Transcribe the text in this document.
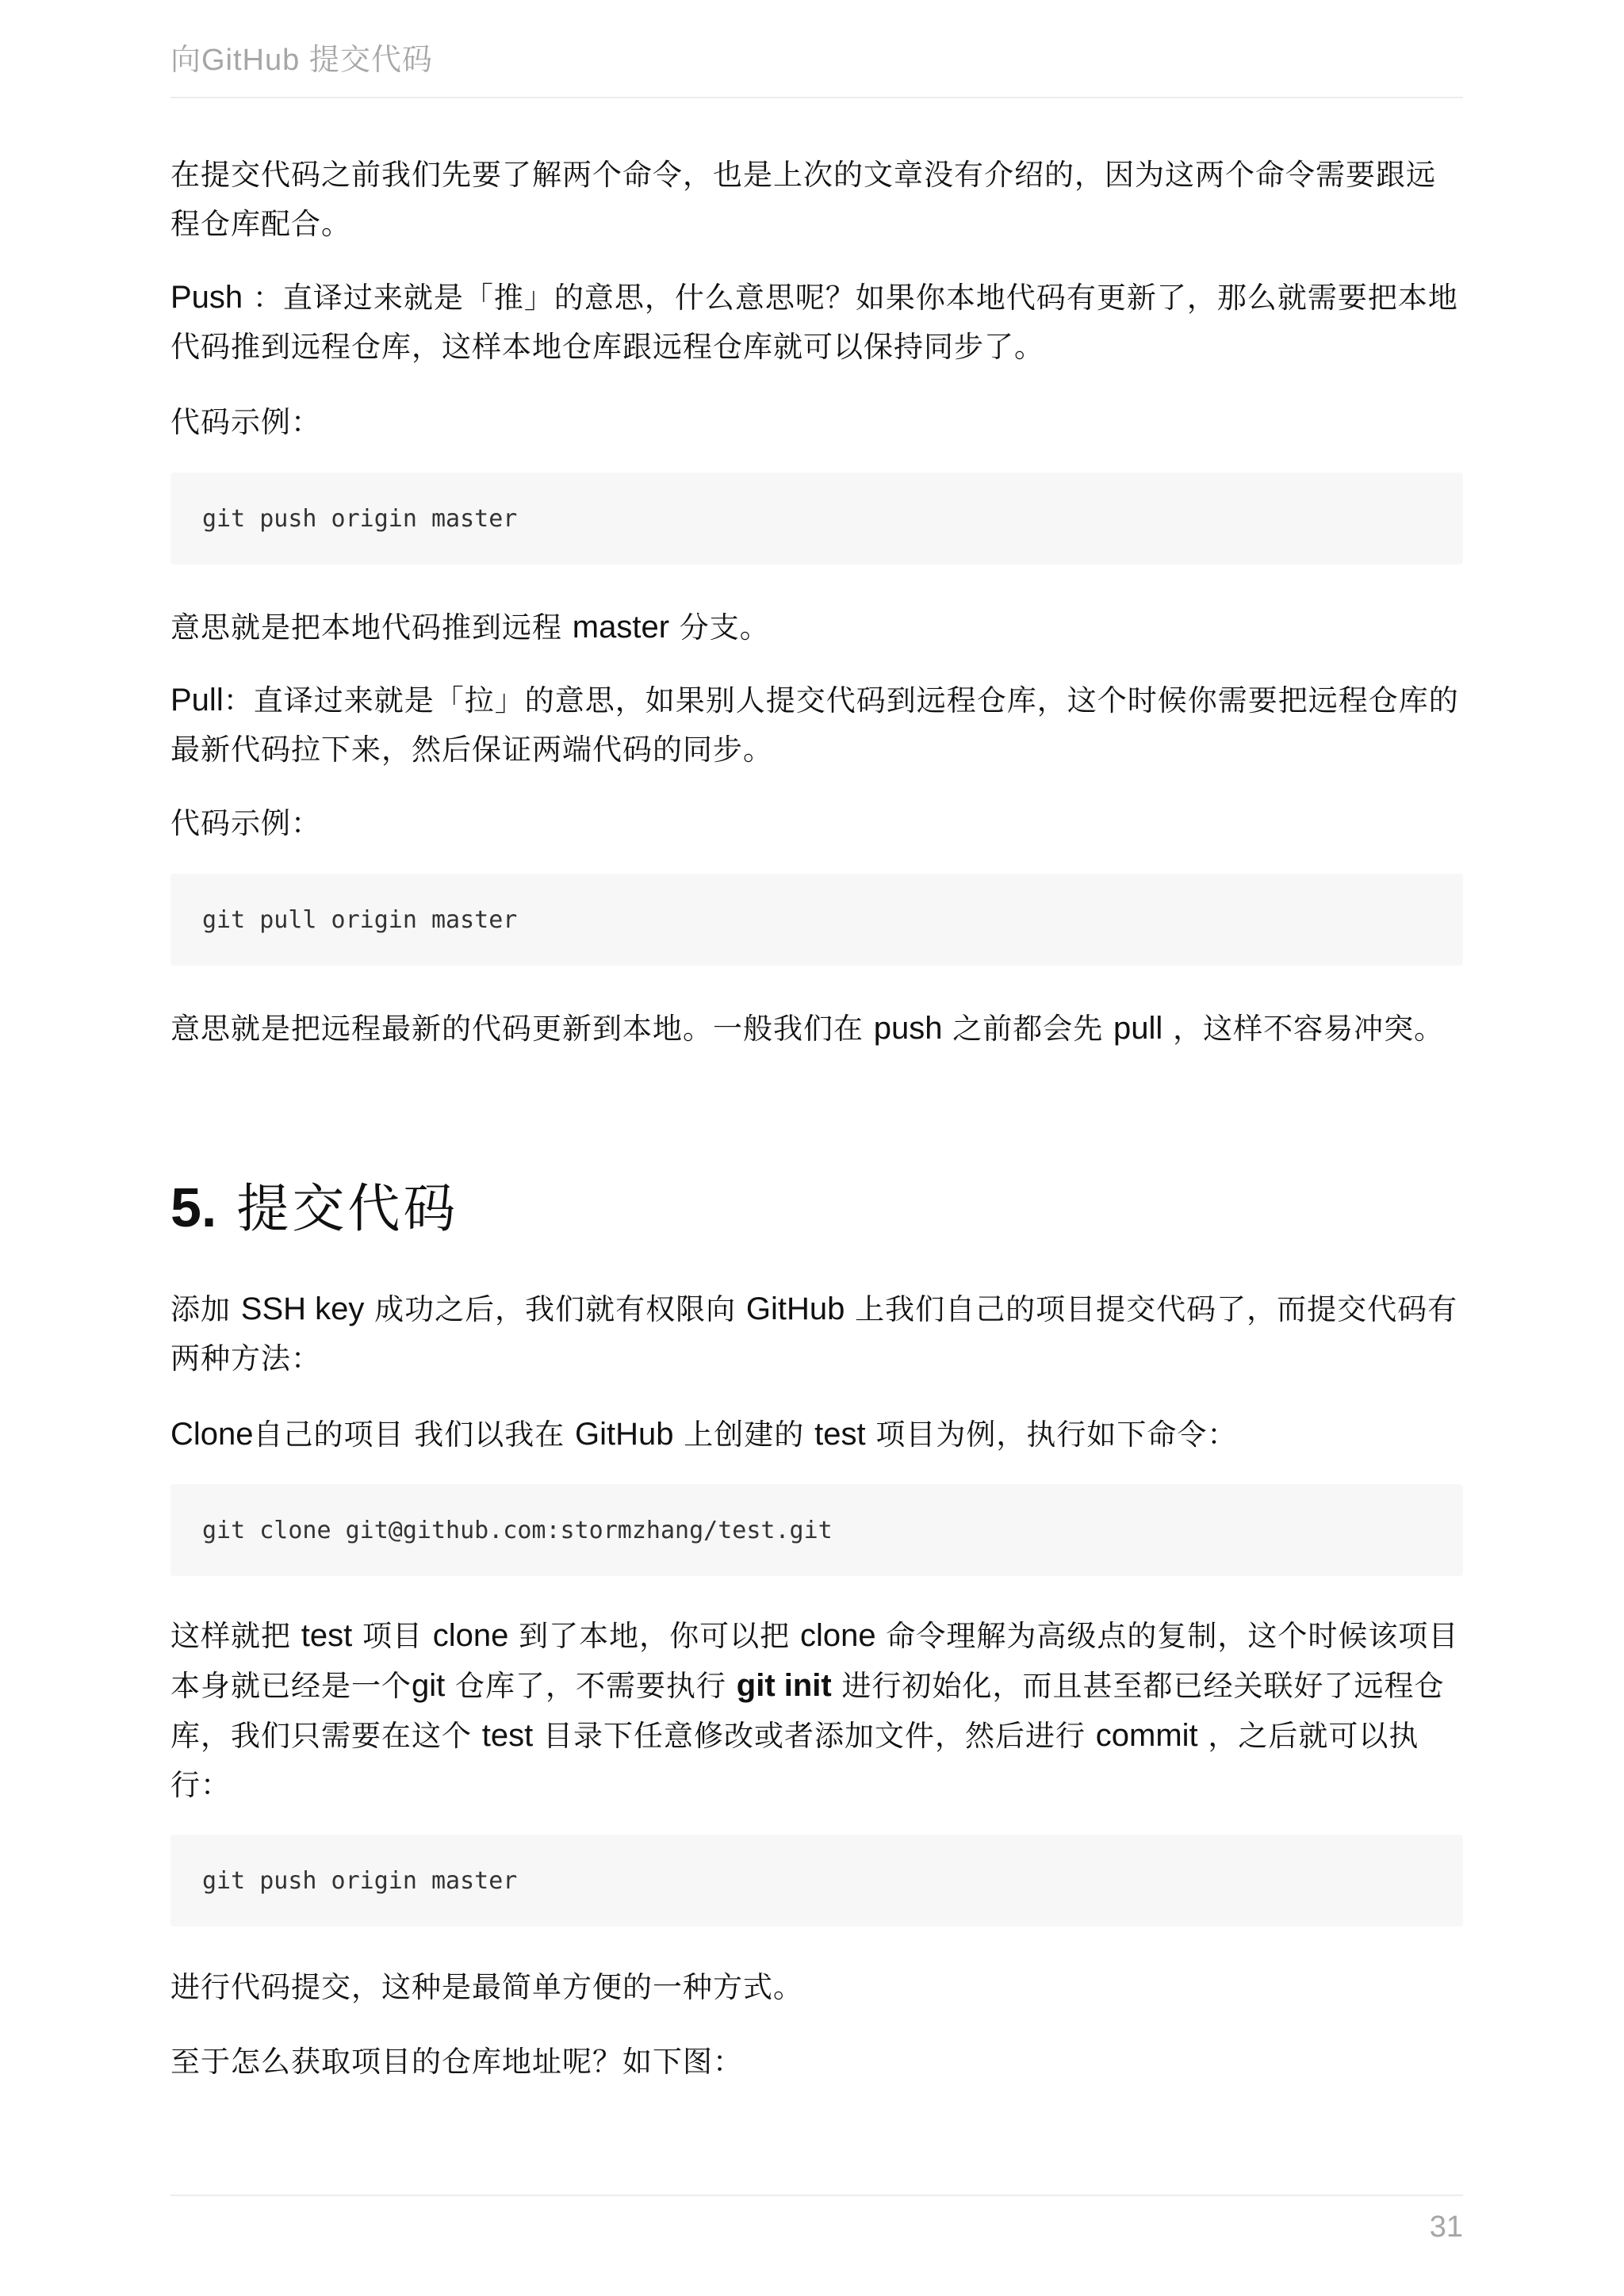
向GitHub 提交代码

在提交代码之前我们先要了解两个命令，也是上次的文章没有介绍的，因为这两个命令需要跟远程仓库配合。

Push ：直译过来就是「推」的意思，什么意思呢？如果你本地代码有更新了，那么就需要把本地代码推到远程仓库，这样本地仓库跟远程仓库就可以保持同步了。

代码示例：

git push origin master

意思就是把本地代码推到远程 master 分支。

Pull：直译过来就是「拉」的意思，如果别人提交代码到远程仓库，这个时候你需要把远程仓库的最新代码拉下来，然后保证两端代码的同步。

代码示例：

git pull origin master

意思就是把远程最新的代码更新到本地。一般我们在 push 之前都会先 pull ，这样不容易冲突。

5. 提交代码

添加 SSH key 成功之后，我们就有权限向 GitHub 上我们自己的项目提交代码了，而提交代码有两种方法：

Clone自己的项目 我们以我在 GitHub 上创建的 test 项目为例，执行如下命令：

git clone git@github.com:stormzhang/test.git

这样就把 test 项目 clone 到了本地，你可以把 clone 命令理解为高级点的复制，这个时候该项目本身就已经是一个git 仓库了，不需要执行 git init 进行初始化，而且甚至都已经关联好了远程仓库，我们只需要在这个 test 目录下任意修改或者添加文件，然后进行 commit ，之后就可以执行：

git push origin master

进行代码提交，这种是最简单方便的一种方式。

至于怎么获取项目的仓库地址呢？如下图：

31
